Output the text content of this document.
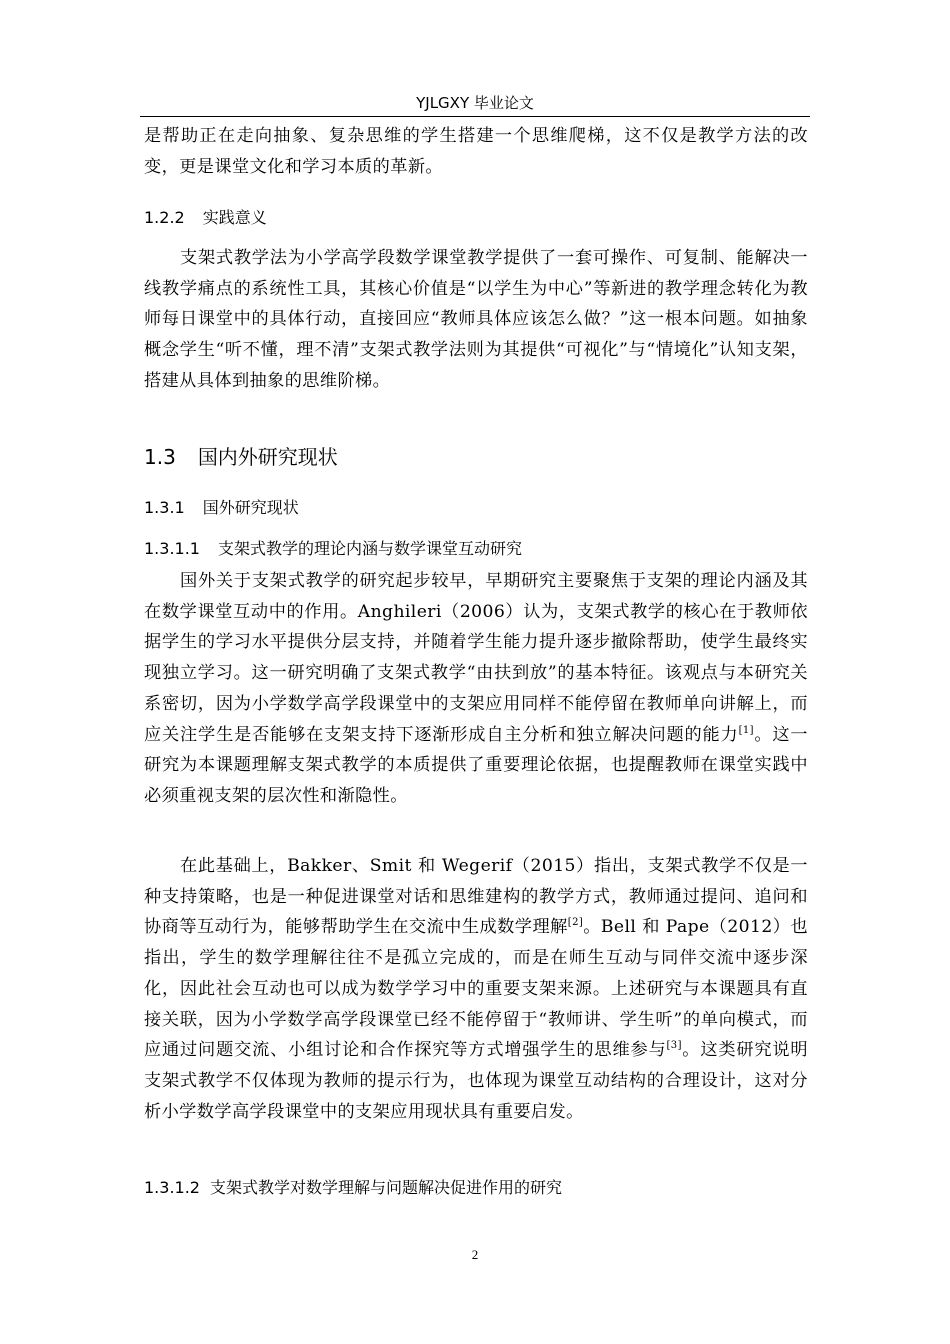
YJLGXY 毕业论文

是帮助正在走向抽象、复杂思维的学生搭建一个思维爬梯，这不仅是教学方法的改变，更是课堂文化和学习本质的革新。

1.2.2 实践意义

支架式教学法为小学高学段数学课堂教学提供了一套可操作、可复制、能解决一线教学痛点的系统性工具，其核心价值是“以学生为中心”等新进的教学理念转化为教师每日课堂中的具体行动，直接回应“教师具体应该怎么做？”这一根本问题。如抽象概念学生“听不懂，理不清”支架式教学法则为其提供“可视化”与“情境化”认知支架，搭建从具体到抽象的思维阶梯。

1.3 国内外研究现状
1.3.1 国外研究现状
1.3.1.1 支架式教学的理论内涵与数学课堂互动研究

国外关于支架式教学的研究起步较早，早期研究主要聚焦于支架的理论内涵及其在数学课堂互动中的作用。Anghileri（2006）认为，支架式教学的核心在于教师依据学生的学习水平提供分层支持，并随着学生能力提升逐步撤除帮助，使学生最终实现独立学习。这一研究明确了支架式教学“由扶到放”的基本特征。该观点与本研究关系密切，因为小学数学高学段课堂中的支架应用同样不能停留在教师单向讲解上，而应关注学生是否能够在支架支持下逐渐形成自主分析和独立解决问题的能力[1]。这一研究为本课题理解支架式教学的本质提供了重要理论依据，也提醒教师在课堂实践中必须重视支架的层次性和渐隐性。

在此基础上，Bakker、Smit 和 Wegerif（2015）指出，支架式教学不仅是一种支持策略，也是一种促进课堂对话和思维建构的教学方式，教师通过提问、追问和协商等互动行为，能够帮助学生在交流中生成数学理解[2]。Bell 和 Pape（2012）也指出，学生的数学理解往往不是孤立完成的，而是在师生互动与同伴交流中逐步深化，因此社会互动也可以成为数学学习中的重要支架来源。上述研究与本课题具有直接关联，因为小学数学高学段课堂已经不能停留于“教师讲、学生听”的单向模式，而应通过问题交流、小组讨论和合作探究等方式增强学生的思维参与[3]。这类研究说明支架式教学不仅体现为教师的提示行为，也体现为课堂互动结构的合理设计，这对分析小学数学高学段课堂中的支架应用现状具有重要启发。

1.3.1.2 支架式教学对数学理解与问题解决促进作用的研究
2
